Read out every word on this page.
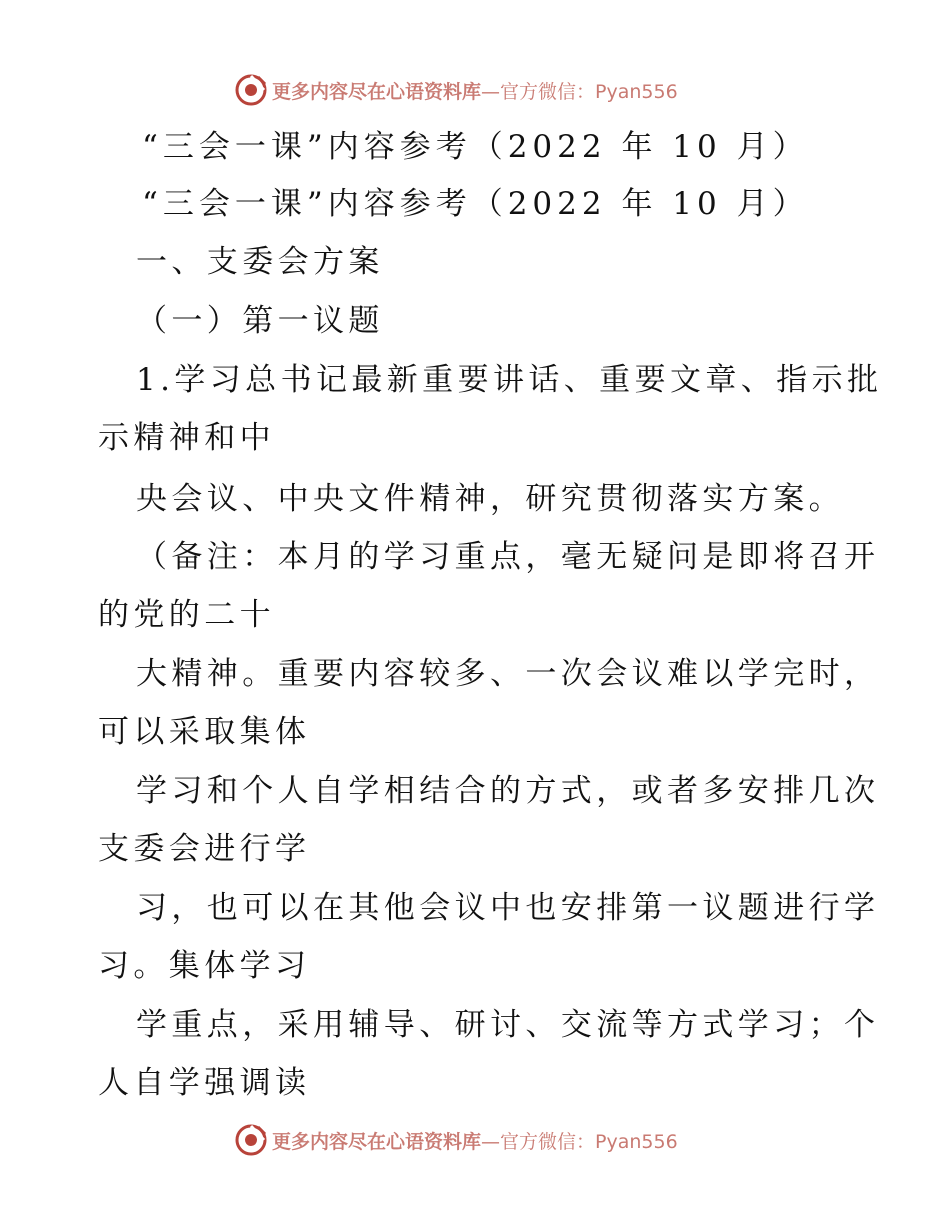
更多内容尽在心语资料库 —官方微信：Pyan556
“三会一课”内容参考（2022 年 10 月）
“三会一课”内容参考（2022 年 10 月）
一、支委会方案
（一）第一议题
1.学习总书记最新重要讲话、重要文章、指示批
示精神和中
央会议、中央文件精神，研究贯彻落实方案。
（备注：本月的学习重点，毫无疑问是即将召开
的党的二十
大精神。重要内容较多、一次会议难以学完时，
可以采取集体
学习和个人自学相结合的方式，或者多安排几次
支委会进行学
习，也可以在其他会议中也安排第一议题进行学
习。集体学习
学重点，采用辅导、研讨、交流等方式学习；个
人自学强调读
更多内容尽在心语资料库 —官方微信：Pyan556
